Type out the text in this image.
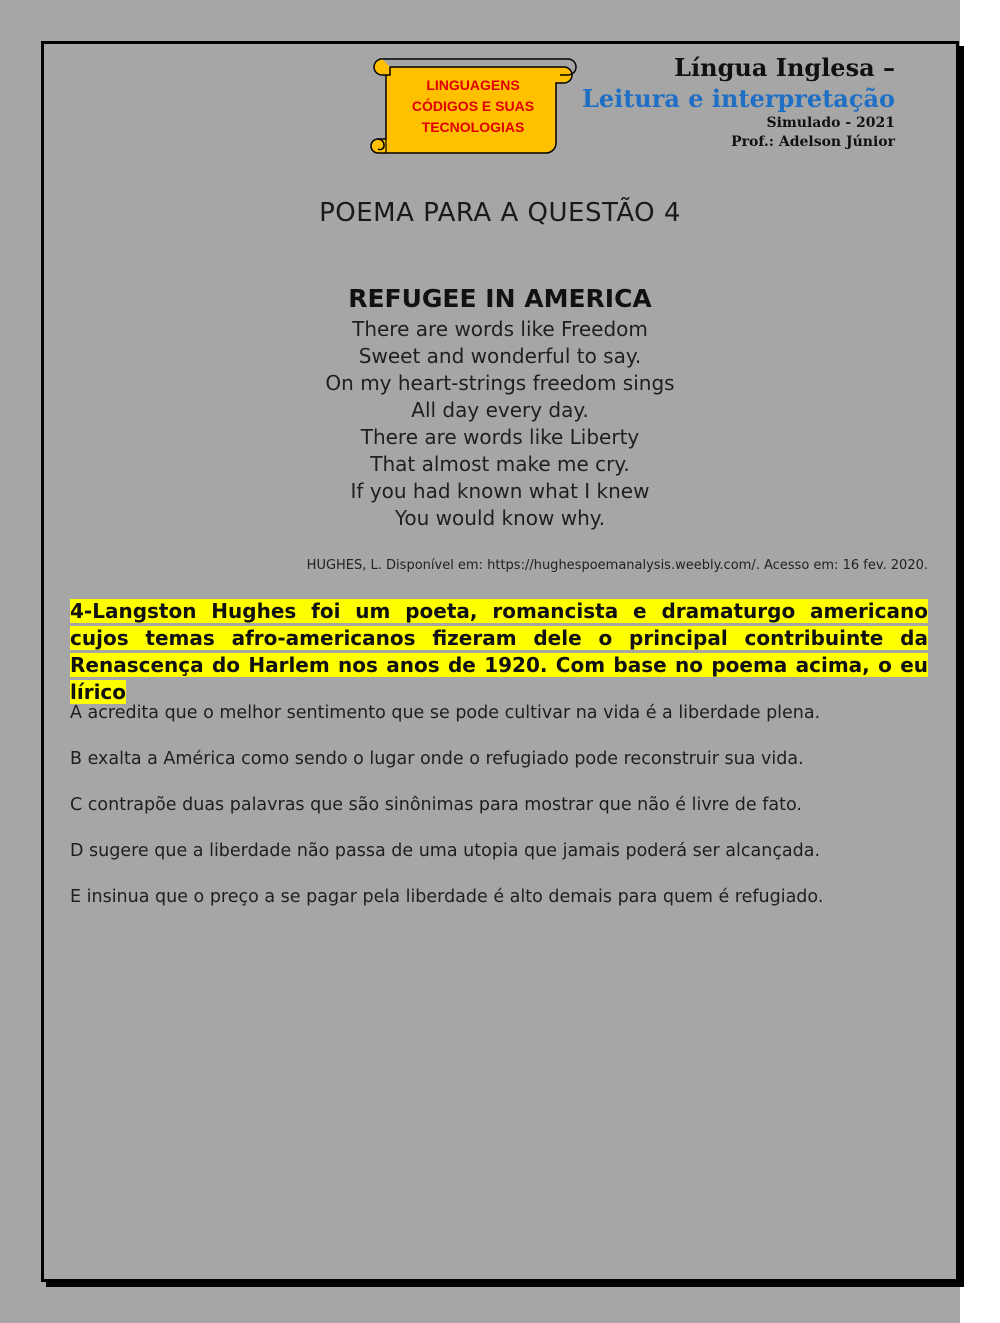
LINGUAGENS
CÓDIGOS E SUAS
TECNOLOGIAS
Língua Inglesa –
Leitura e interpretação
Simulado - 2021
Prof.: Adelson Júnior
POEMA PARA A QUESTÃO 4
REFUGEE IN AMERICA
There are words like Freedom
Sweet and wonderful to say.
On my heart-strings freedom sings
All day every day.
There are words like Liberty
That almost make me cry.
If you had known what I knew
You would know why.
HUGHES, L. Disponível em: https://hughespoemanalysis.weebly.com/. Acesso em: 16 fev. 2020.

4-Langston Hughes foi um poeta, romancista e dramaturgo americano cujos temas afro-americanos fizeram dele o principal contribuinte da Renascença do Harlem nos anos de 1920. Com base no poema acima, o eu lírico

A acredita que o melhor sentimento que se pode cultivar na vida é a liberdade plena.
B exalta a América como sendo o lugar onde o refugiado pode reconstruir sua vida.
C contrapõe duas palavras que são sinônimas para mostrar que não é livre de fato.
D sugere que a liberdade não passa de uma utopia que jamais poderá ser alcançada.
E insinua que o preço a se pagar pela liberdade é alto demais para quem é refugiado.
